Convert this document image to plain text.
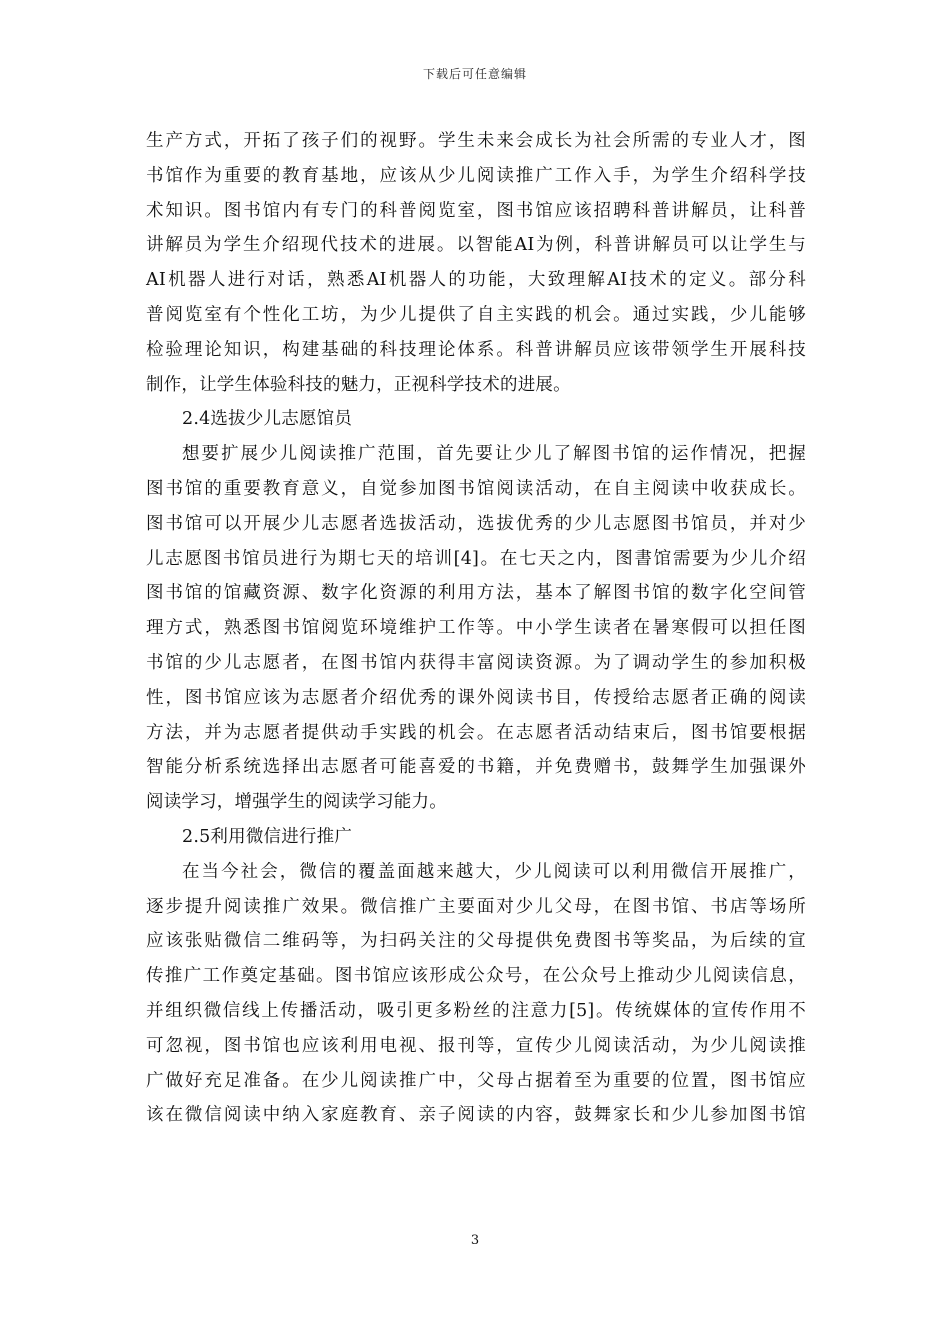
下载后可任意编辑
生产方式，开拓了孩子们的视野。学生未来会成长为社会所需的专业人才，图
书馆作为重要的教育基地，应该从少儿阅读推广工作入手，为学生介绍科学技
术知识。图书馆内有专门的科普阅览室，图书馆应该招聘科普讲解员，让科普
讲解员为学生介绍现代技术的进展。以智能AI为例，科普讲解员可以让学生与
AI机器人进行对话，熟悉AI机器人的功能，大致理解AI技术的定义。部分科
普阅览室有个性化工坊，为少儿提供了自主实践的机会。通过实践，少儿能够
检验理论知识，构建基础的科技理论体系。科普讲解员应该带领学生开展科技
制作，让学生体验科技的魅力，正视科学技术的进展。
2.4选拔少儿志愿馆员
想要扩展少儿阅读推广范围，首先要让少儿了解图书馆的运作情况，把握
图书馆的重要教育意义，自觉参加图书馆阅读活动，在自主阅读中收获成长。
图书馆可以开展少儿志愿者选拔活动，选拔优秀的少儿志愿图书馆员，并对少
儿志愿图书馆员进行为期七天的培训[4]。在七天之内，图書馆需要为少儿介绍
图书馆的馆藏资源、数字化资源的利用方法，基本了解图书馆的数字化空间管
理方式，熟悉图书馆阅览环境维护工作等。中小学生读者在暑寒假可以担任图
书馆的少儿志愿者，在图书馆内获得丰富阅读资源。为了调动学生的参加积极
性，图书馆应该为志愿者介绍优秀的课外阅读书目，传授给志愿者正确的阅读
方法，并为志愿者提供动手实践的机会。在志愿者活动结束后，图书馆要根据
智能分析系统选择出志愿者可能喜爱的书籍，并免费赠书，鼓舞学生加强课外
阅读学习，增强学生的阅读学习能力。
2.5利用微信进行推广
在当今社会，微信的覆盖面越来越大，少儿阅读可以利用微信开展推广，
逐步提升阅读推广效果。微信推广主要面对少儿父母，在图书馆、书店等场所
应该张贴微信二维码等，为扫码关注的父母提供免费图书等奖品，为后续的宣
传推广工作奠定基础。图书馆应该形成公众号，在公众号上推动少儿阅读信息，
并组织微信线上传播活动，吸引更多粉丝的注意力[5]。传统媒体的宣传作用不
可忽视，图书馆也应该利用电视、报刊等，宣传少儿阅读活动，为少儿阅读推
广做好充足准备。在少儿阅读推广中，父母占据着至为重要的位置，图书馆应
该在微信阅读中纳入家庭教育、亲子阅读的内容，鼓舞家长和少儿参加图书馆
3
